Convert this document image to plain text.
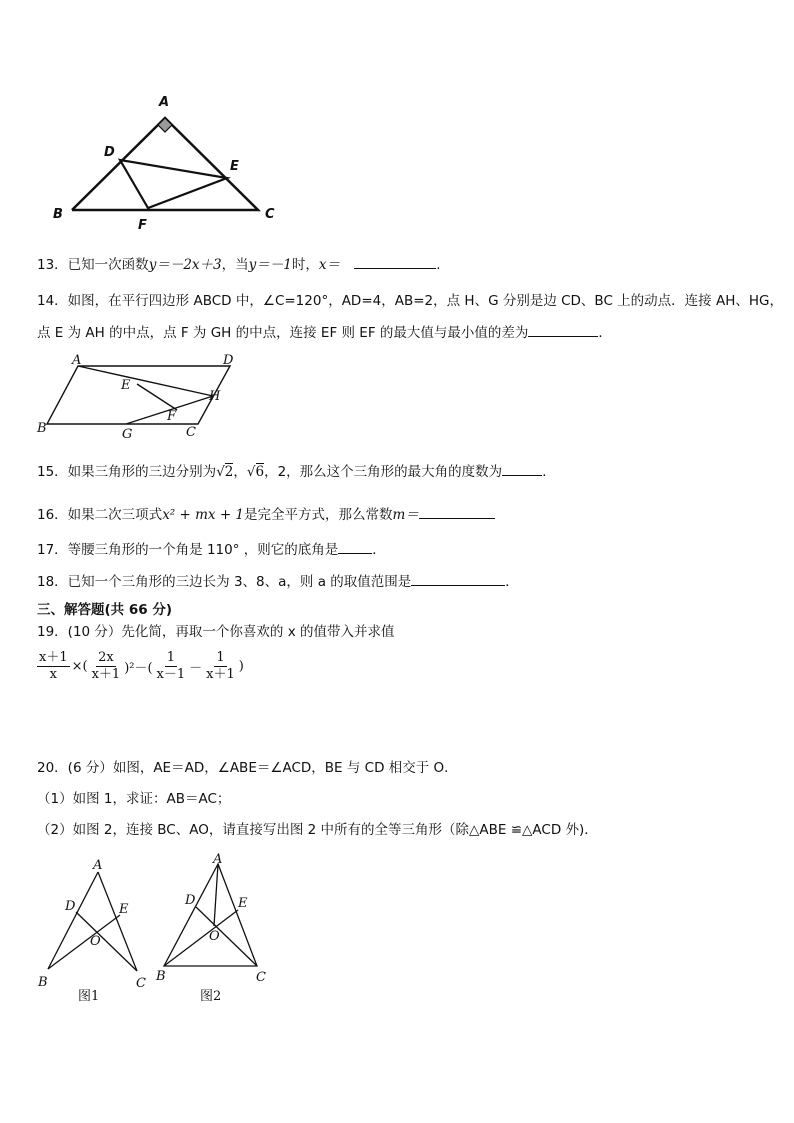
A
B	C
D
E
F
13．已知一次函数y＝－2x＋3，当y＝－1时，x＝	.
14．如图，在平行四边形 ABCD 中，∠C=120°，AD=4，AB=2，点 H、G 分别是边 CD、BC 上的动点．连接 AH、HG，
点 E 为 AH 的中点，点 F 为 GH 的中点，连接 EF 则 EF 的最大值与最小值的差为	．
A	D
B	C
E
F
G
H
15．如果三角形的三边分别为√2，√6，2，那么这个三角形的最大角的度数为	．
16．如果二次三项式x² + mx + 1是完全平方式，那么常数m＝
17．等腰三角形的一个角是 110° ，则它的底角是	．
18．已知一个三角形的三边长为 3、8、a，则 a 的取值范围是	．
三、解答题(共 66 分)
19．(10 分）先化简，再取一个你喜欢的 x 的值带入并求值
$\frac{x+1}{x}$ ×( $\frac{2x}{x+1} )^2-( \frac{1}{x-1} - \frac{1}{x+1}$ )
20．(6 分）如图，AE＝AD，∠ABE＝∠ACD，BE 与 CD 相交于 O．
（1）如图 1，求证：AB＝AC；
（2）如图 2，连接 BC、AO，请直接写出图 2 中所有的全等三角形（除△ABE ≌△ACD 外)．
A
B	C
D	E
O
图1
A
B	C
D	E
O
图2
